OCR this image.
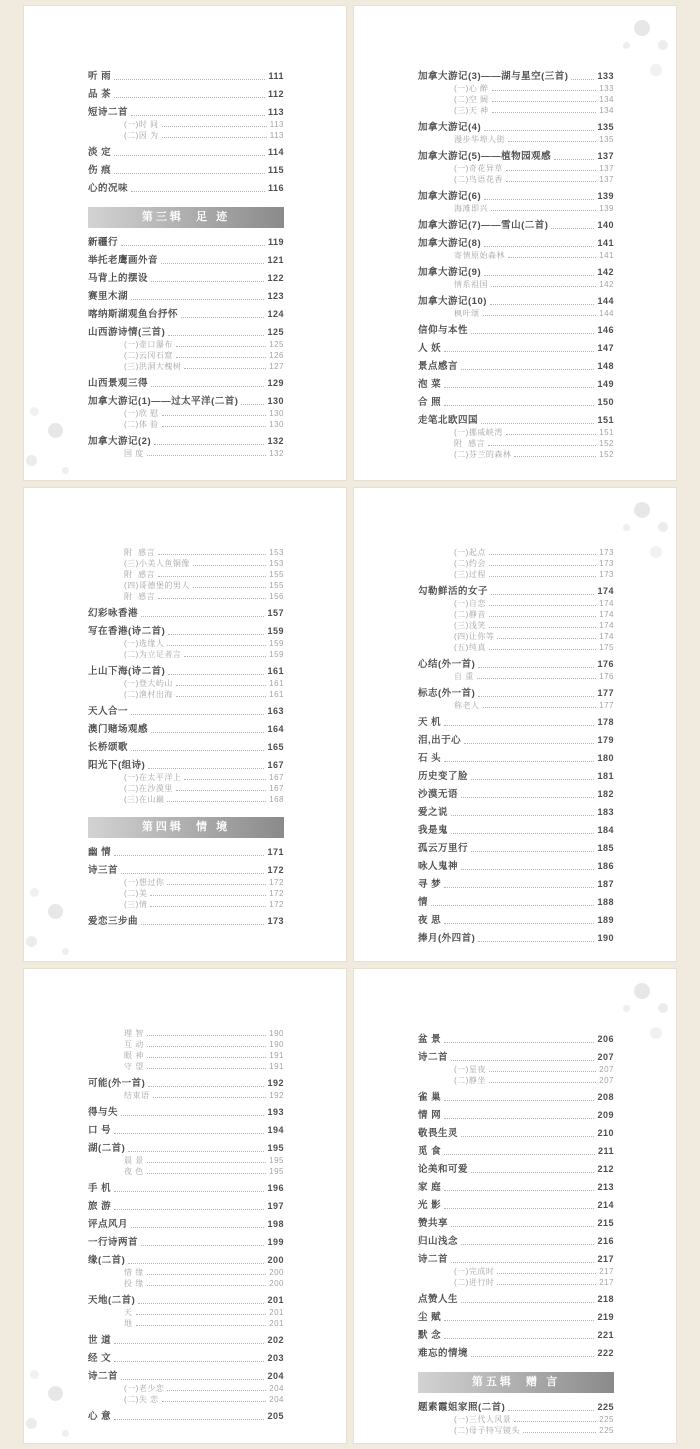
听 雨	111
品 茶	112
短诗二首	113
(一)时 间	113
(二)因 为	113
淡 定	114
伤 痕	115
心的况味	116
第三辑  足 迹
新疆行	119
举托老鹰画外音	121
马背上的摆设	122
赛里木湖	123
喀纳斯湖观鱼台抒怀	124
山西游诗情(三首)	125
(一)壶口瀑布	125
(二)云冈石窟	126
(三)洪洞大槐树	127
山西景观三得	129
加拿大游记(1)——过太平洋(二首)	130
(一)欣 慰	130
(二)体 验	130
加拿大游记(2)	132
国 度	132
加拿大游记(3)——湖与星空(三首)	133
(一)心 醉	133
(二)空 阔	134
(三)天 神	134
加拿大游记(4)	135
漫步华埠人街	135
加拿大游记(5)——植物园观感	137
(一)奇花异草	137
(二)鸟语花香	137
加拿大游记(6)	139
海滩即兴	139
加拿大游记(7)——雪山(二首)	140
加拿大游记(8)	141
寄情原始森林	141
加拿大游记(9)	142
情系祖国	142
加拿大游记(10)	144
枫叶颂	144
信仰与本性	146
人 妖	147
景点感言	148
泡 菜	149
合 照	150
走笔北欧四国	151
(一)挪威峡湾	151
附  感言	152
(二)芬兰的森林	152
附  感言	153
(三)小美人鱼铜像	153
附  感言	155
(四)哥德堡的男人	155
附  感言	156
幻彩咏香港	157
写在香港(诗二首)	159
(一)选缘人	159
(二)为立足者言	159
上山下海(诗二首)	161
(一)登大屿山	161
(二)渔村出海	161
天人合一	163
澳门赌场观感	164
长桥颂歌	165
阳光下(组诗)	167
(一)在太平洋上	167
(二)在沙漠里	167
(三)在山巅	168
第四辑  情 境
幽 情	171
诗三首	172
(一)想过你	172
(二)美	172
(三)情	172
爱恋三步曲	173
(一)起点	173
(二)约会	173
(三)过程	173
勾勒鲜活的女子	174
(一)自恋	174
(二)静音	174
(三)浅笑	174
(四)让你等	174
(五)纯真	175
心结(外一首)	176
自 重	176
标志(外一首)	177
称老人	177
天 机	178
泪,出于心	179
石 头	180
历史变了脸	181
沙漠无语	182
爱之说	183
我是鬼	184
孤云万里行	185
咏人鬼神	186
寻 梦	187
情	188
夜 思	189
捧月(外四首)	190
理 智	190
互 动	190
眼 神	191
守 望	191
可能(外一首)	192
结束语	192
得与失	193
口 号	194
湖(二首)	195
晨 景	195
夜 色	195
手 机	196
旅 游	197
评点风月	198
一行诗两首	199
缘(二首)	200
惜 缘	200
投 缘	200
天地(二首)	201
天	201
地	201
世 道	202
经 文	203
诗二首	204
(一)老少恋	204
(二)失 恋	204
心 意	205
盆 景	206
诗二首	207
(一)星夜	207
(二)静坐	207
雀 巢	208
情 网	209
敬畏生灵	210
觅 食	211
论美和可爱	212
家 庭	213
光 影	214
赞共享	215
归山浅念	216
诗二首	217
(一)完成时	217
(二)进行时	217
点赞人生	218
尘 赋	219
默 念	221
难忘的情境	222
第五辑  赠 言
题素霞姐家照(二首)	225
(一)三代人风景	225
(二)母子特写镜头	225
